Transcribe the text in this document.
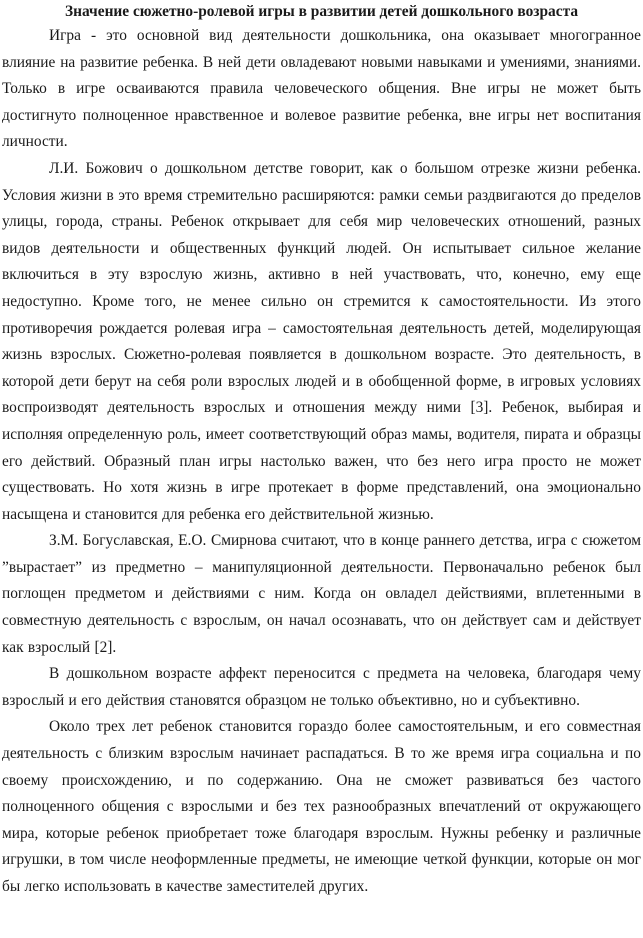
Значение сюжетно-ролевой игры в развитии детей дошкольного возраста

Игра - это основной вид деятельности дошкольника, она оказывает многогранное влияние на развитие ребенка. В ней дети овладевают новыми навыками и умениями, знаниями. Только в игре осваиваются правила человеческого общения. Вне игры не может быть достигнуто полноценное нравственное и волевое развитие ребенка, вне игры нет воспитания личности.

Л.И. Божович о дошкольном детстве говорит, как о большом отрезке жизни ребенка. Условия жизни в это время стремительно расширяются: рамки семьи раздвигаются до пределов улицы, города, страны. Ребенок открывает для себя мир человеческих отношений, разных видов деятельности и общественных функций людей. Он испытывает сильное желание включиться в эту взрослую жизнь, активно в ней участвовать, что, конечно, ему еще недоступно. Кроме того, не менее сильно он стремится к самостоятельности. Из этого противоречия рождается ролевая игра – самостоятельная деятельность детей, моделирующая жизнь взрослых. Сюжетно-ролевая появляется в дошкольном возрасте. Это деятельность, в которой дети берут на себя роли взрослых людей и в обобщенной форме, в игровых условиях воспроизводят деятельность взрослых и отношения между ними [3]. Ребенок, выбирая и исполняя определенную роль, имеет соответствующий образ мамы, водителя, пирата и образцы его действий. Образный план игры настолько важен, что без него игра просто не может существовать. Но хотя жизнь в игре протекает в форме представлений, она эмоционально насыщена и становится для ребенка его действительной жизнью.

З.М. Богуславская, Е.О. Смирнова считают, что в конце раннего детства, игра с сюжетом ”вырастает” из предметно – манипуляционной деятельности. Первоначально ребенок был поглощен предметом и действиями с ним. Когда он овладел действиями, вплетенными в совместную деятельность с взрослым, он начал осознавать, что он действует сам и действует как взрослый [2].

В дошкольном возрасте аффект переносится с предмета на человека, благодаря чему взрослый и его действия становятся образцом не только объективно, но и субъективно.

Около трех лет ребенок становится гораздо более самостоятельным, и его совместная деятельность с близким взрослым начинает распадаться. В то же время игра социальна и по своему происхождению, и по содержанию. Она не сможет развиваться без частого полноценного общения с взрослыми и без тех разнообразных впечатлений от окружающего мира, которые ребенок приобретает тоже благодаря взрослым. Нужны ребенку и различные игрушки, в том числе неоформленные предметы, не имеющие четкой функции, которые он мог бы легко использовать в качестве заместителей других.
